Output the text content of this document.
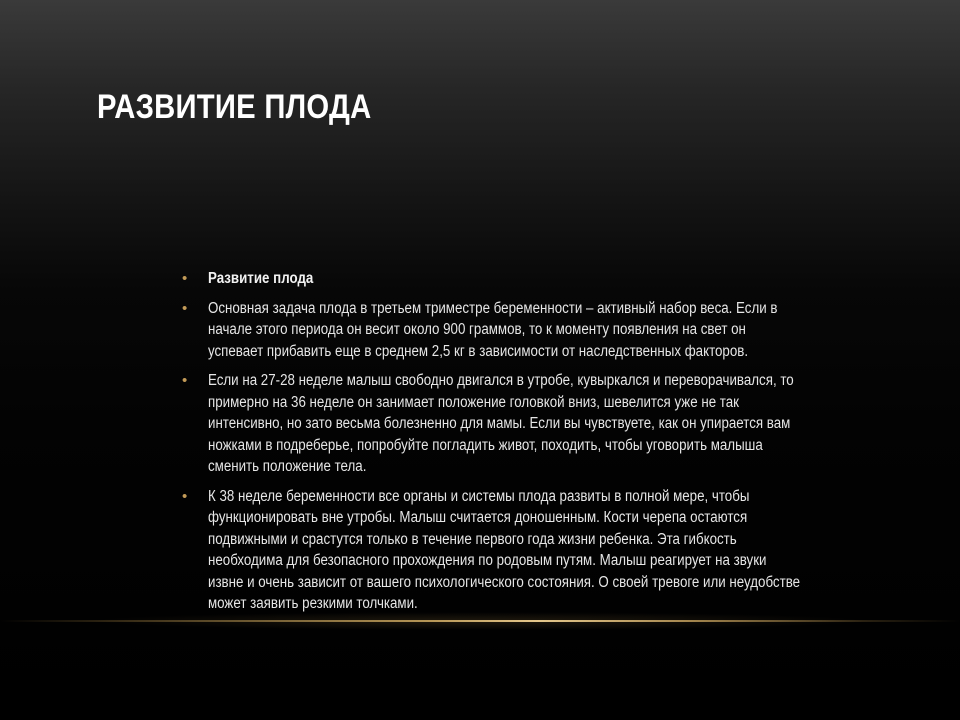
РАЗВИТИЕ ПЛОДА
• Развитие плода
• Основная задача плода в третьем триместре беременности – активный набор веса. Если в начале этого периода он весит около 900 граммов, то к моменту появления на свет он успевает прибавить еще в среднем 2,5 кг в зависимости от наследственных факторов.
• Если на 27-28 неделе малыш свободно двигался в утробе, кувыркался и переворачивался, то примерно на 36 неделе он занимает положение головкой вниз, шевелится уже не так интенсивно, но зато весьма болезненно для мамы. Если вы чувствуете, как он упирается вам ножками в подреберье, попробуйте погладить живот, походить, чтобы уговорить малыша сменить положение тела.
• К 38 неделе беременности все органы и системы плода развиты в полной мере, чтобы функционировать вне утробы. Малыш считается доношенным. Кости черепа остаются подвижными и срастутся только в течение первого года жизни ребенка. Эта гибкость необходима для безопасного прохождения по родовым путям. Малыш реагирует на звуки извне и очень зависит от вашего психологического состояния. О своей тревоге или неудобстве может заявить резкими толчками.
